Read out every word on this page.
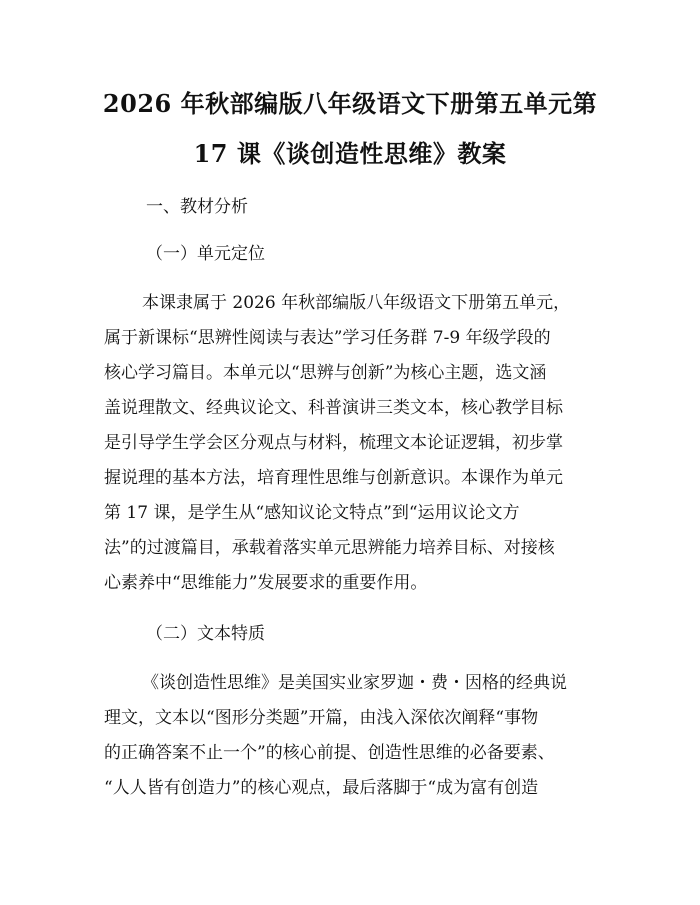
2026 年秋部编版八年级语文下册第五单元第
17 课《谈创造性思维》教案
一、教材分析
（一）单元定位
本课隶属于 2026 年秋部编版八年级语文下册第五单元，
属于新课标“思辨性阅读与表达”学习任务群 7-9 年级学段的
核心学习篇目。本单元以“思辨与创新”为核心主题，选文涵
盖说理散文、经典议论文、科普演讲三类文本，核心教学目标
是引导学生学会区分观点与材料，梳理文本论证逻辑，初步掌
握说理的基本方法，培育理性思维与创新意识。本课作为单元
第 17 课，是学生从“感知议论文特点”到“运用议论文方
法”的过渡篇目，承载着落实单元思辨能力培养目标、对接核
心素养中“思维能力”发展要求的重要作用。
（二）文本特质
《谈创造性思维》是美国实业家罗迦・费・因格的经典说
理文，文本以“图形分类题”开篇，由浅入深依次阐释“事物
的正确答案不止一个”的核心前提、创造性思维的必备要素、
“人人皆有创造力”的核心观点，最后落脚于“成为富有创造
